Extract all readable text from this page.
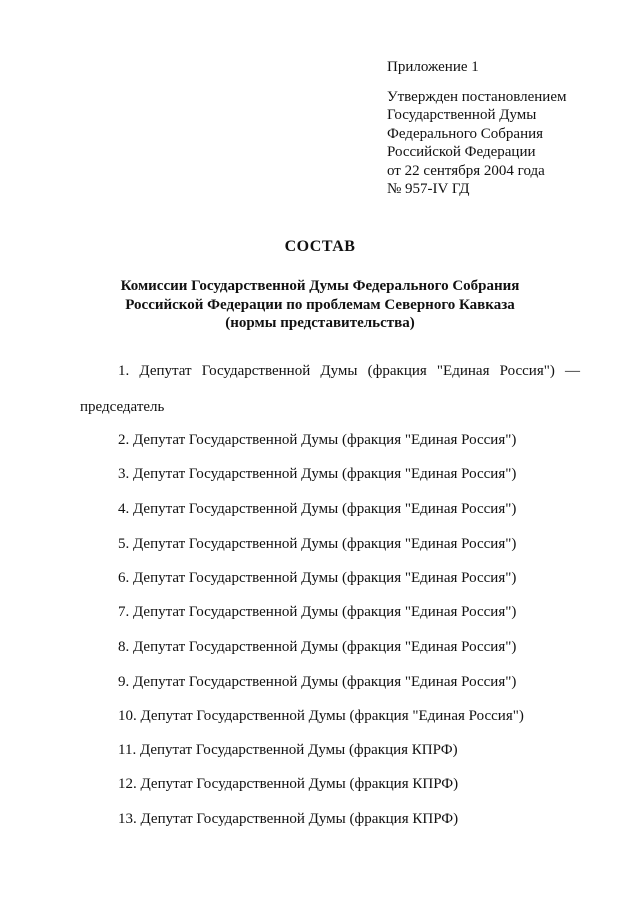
Приложение 1
Утвержден постановлением
Государственной Думы
Федерального Собрания
Российской Федерации
от 22 сентября 2004 года
№ 957-IV ГД
СОСТАВ
Комиссии Государственной Думы Федерального Собрания
Российской Федерации по проблемам Северного Кавказа
(нормы представительства)
1. Депутат Государственной Думы (фракция "Единая Россия") —
председатель
2. Депутат Государственной Думы (фракция "Единая Россия")
3. Депутат Государственной Думы (фракция "Единая Россия")
4. Депутат Государственной Думы (фракция "Единая Россия")
5. Депутат Государственной Думы (фракция "Единая Россия")
6. Депутат Государственной Думы (фракция "Единая Россия")
7. Депутат Государственной Думы (фракция "Единая Россия")
8. Депутат Государственной Думы (фракция "Единая Россия")
9. Депутат Государственной Думы (фракция "Единая Россия")
10. Депутат Государственной Думы (фракция "Единая Россия")
11. Депутат Государственной Думы (фракция КПРФ)
12. Депутат Государственной Думы (фракция КПРФ)
13. Депутат Государственной Думы (фракция КПРФ)
